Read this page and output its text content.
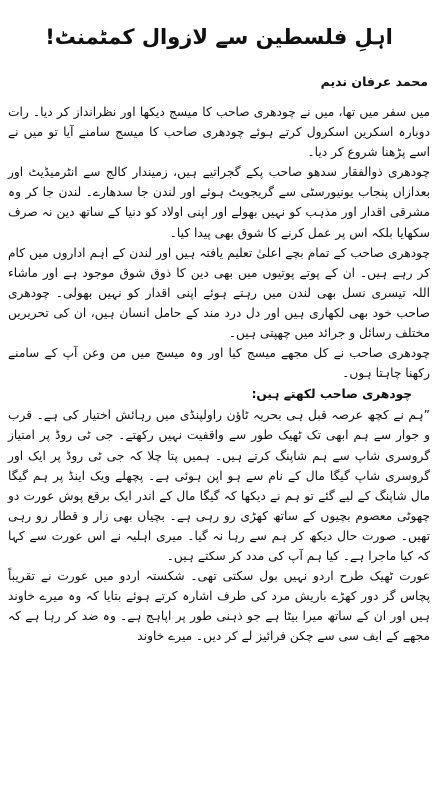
اہلِ فلسطین سے لازوال کمٹمنٹ!
محمد عرفان ندیم

میں سفر میں تھا، میں نے چودھری صاحب کا میسج دیکھا اور نظرانداز کر دیا۔ رات دوبارہ اسکرین اسکرول کرتے ہوئے چودھری صاحب کا میسج سامنے آیا تو میں نے اسے پڑھنا شروع کر دیا۔

چودھری ذوالفقار سدھو صاحب پکے گجراتیے ہیں، زمیندار کالج سے انٹرمیڈیٹ اور بعدازاں پنجاب یونیورسٹی سے گریجویٹ ہوئے اور لندن جا سدھارے۔ لندن جا کر وہ مشرقی اقدار اور مذہب کو نہیں بھولے اور اپنی اولاد کو دنیا کے ساتھ دین نہ صرف سکھایا بلکہ اس پر عمل کرنے کا شوق بھی پیدا کیا۔

چودھری صاحب کے تمام بچے اعلیٰ تعلیم یافتہ ہیں اور لندن کے اہم اداروں میں کام کر رہے ہیں۔ ان کے پوتے پوتیوں میں بھی دین کا ذوق شوق موجود ہے اور ماشاء اللہ تیسری نسل بھی لندن میں رہتے ہوئے اپنی اقدار کو نہیں بھولی۔ چودھری صاحب خود بھی لکھاری ہیں اور دل درد مند کے حامل انسان ہیں، ان کی تحریریں مختلف رسائل و جرائد میں چھپتی ہیں۔

چودھری صاحب نے کل مجھے میسج کیا اور وہ میسج میں من وعن آپ کے سامنے رکھنا چاہتا ہوں۔

چودھری صاحب لکھتے ہیں:

”ہم نے کچھ عرصہ قبل ہی بحریہ ٹاؤن راولپنڈی میں رہائش اختیار کی ہے۔ قرب و جوار سے ہم ابھی تک ٹھیک طور سے واقفیت نہیں رکھتے۔ جی ٹی روڈ پر امتیاز گروسری شاپ سے ہم شاپنگ کرتے ہیں۔ ہمیں پتا چلا کہ جی ٹی روڈ پر ایک اور گروسری شاپ گیگا مال کے نام سے ہو اپن ہوئی ہے۔ پچھلے ویک اینڈ پر ہم گیگا مال شاپنگ کے لیے گئے تو ہم نے دیکھا کہ گیگا مال کے اندر ایک برقع پوش عورت دو چھوٹی معصوم بچیوں کے ساتھ کھڑی رو رہی ہے۔ بچیاں بھی زار و قطار رو رہی تھیں۔ صورت حال دیکھ کر ہم سے رہا نہ گیا۔ میری اہلیہ نے اس عورت سے کہا کہ کیا ماجرا ہے۔ کیا ہم آپ کی مدد کر سکتے ہیں۔

عورت ٹھیک طرح اردو نہیں بول سکتی تھی۔ شکستہ اردو میں عورت نے تقریباً پچاس گز دور کھڑے باریش مرد کی طرف اشارہ کرتے ہوئے بتایا کہ وہ میرے خاوند ہیں اور ان کے ساتھ میرا بیٹا ہے جو ذہنی طور پر اپاہج ہے۔ وہ ضد کر رہا ہے کہ مجھے کے ایف سی سے چکن فرائیز لے کر دیں۔ میرے خاوند
